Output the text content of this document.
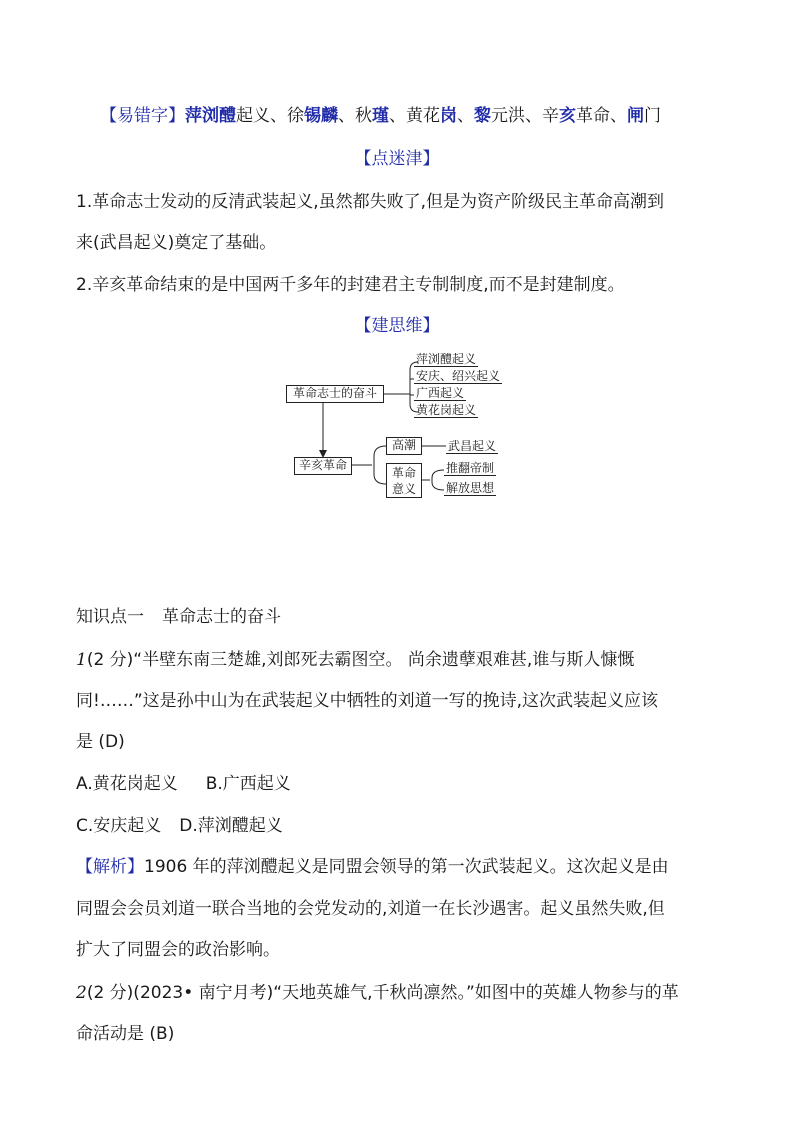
【易错字】萍浏醴起义、徐锡麟、秋瑾、黄花岗、黎元洪、辛亥革命、闸门
【点迷津】
1.革命志士发动的反清武装起义,虽然都失败了,但是为资产阶级民主革命高潮到
来(武昌起义)奠定了基础。
2.辛亥革命结束的是中国两千多年的封建君主专制制度,而不是封建制度。
【建思维】
革命志士的奋斗
萍浏醴起义
安庆、绍兴起义
广西起义
黄花岗起义
辛亥革命
高潮	武昌起义
革命
意义
推翻帝制
解放思想
知识点一 革命志士的奋斗
1(2 分)“半壁东南三楚雄,刘郎死去霸图空。 尚余遗孽艰难甚,谁与斯人慷慨
同!……”这是孙中山为在武装起义中牺牲的刘道一写的挽诗,这次武装起义应该
是 (D)
A.黄花岗起义 B.广西起义
C.安庆起义 D.萍浏醴起义
【解析】1906 年的萍浏醴起义是同盟会领导的第一次武装起义。这次起义是由
同盟会会员刘道一联合当地的会党发动的,刘道一在长沙遇害。起义虽然失败,但
扩大了同盟会的政治影响。
2(2 分)(2023• 南宁月考)“天地英雄气,千秋尚凛然。”如图中的英雄人物参与的革
命活动是 (B)
